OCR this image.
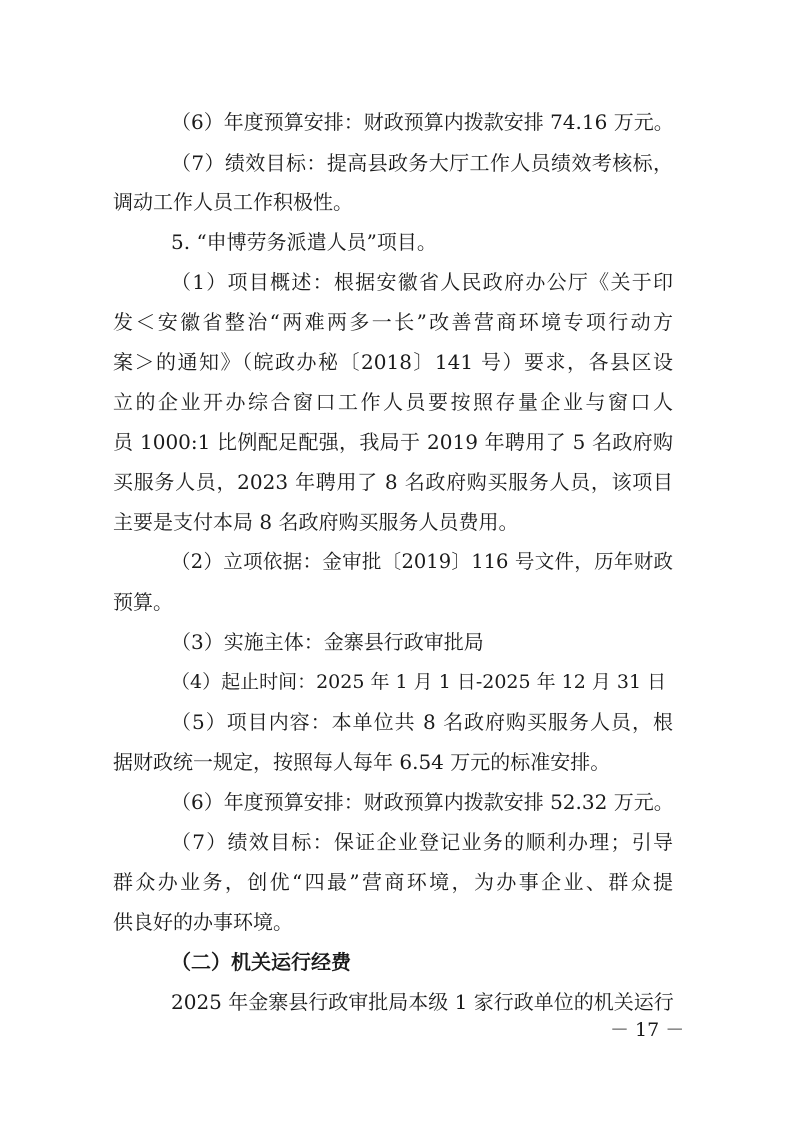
（6）年度预算安排：财政预算内拨款安排 74.16 万元。
（7）绩效目标：提高县政务大厅工作人员绩效考核标，
调动工作人员工作积极性。
5. “申博劳务派遣人员”项目。
（1）项目概述：根据安徽省人民政府办公厅《关于印
发＜安徽省整治“两难两多一长”改善营商环境专项行动方
案＞的通知》（皖政办秘〔2018〕141 号）要求，各县区设
立的企业开办综合窗口工作人员要按照存量企业与窗口人
员 1000:1 比例配足配强，我局于 2019 年聘用了 5 名政府购
买服务人员，2023 年聘用了 8 名政府购买服务人员，该项目
主要是支付本局 8 名政府购买服务人员费用。
（2）立项依据：金审批〔2019〕116 号文件，历年财政
预算。
（3）实施主体：金寨县行政审批局
（4）起止时间：2025 年 1 月 1 日-2025 年 12 月 31 日
（5）项目内容：本单位共 8 名政府购买服务人员，根
据财政统一规定，按照每人每年 6.54 万元的标准安排。
（6）年度预算安排：财政预算内拨款安排 52.32 万元。
（7）绩效目标：保证企业登记业务的顺利办理；引导
群众办业务，创优“四最”营商环境，为办事企业、群众提
供良好的办事环境。
（二）机关运行经费
2025 年金寨县行政审批局本级 1 家行政单位的机关运行
－ 17 －
